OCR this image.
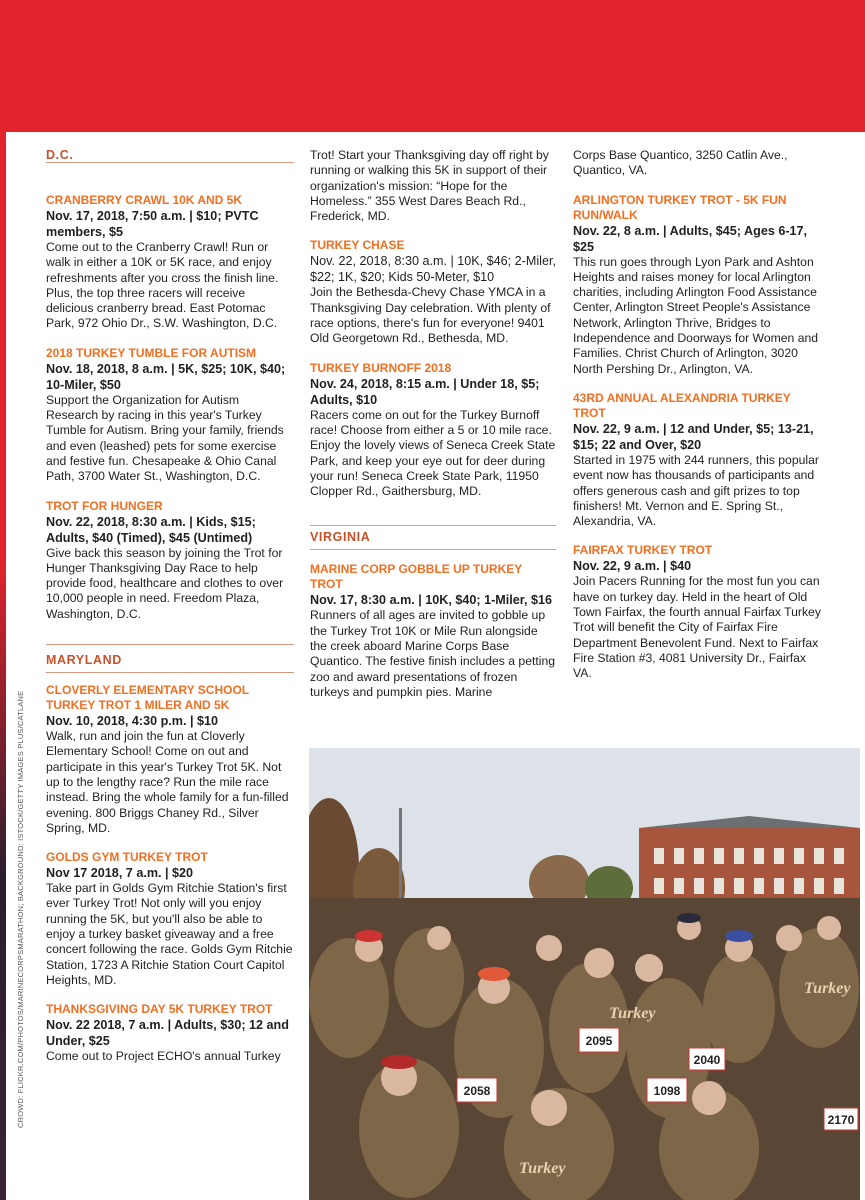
CROWD: FLICKR.COM/PHOTOS/MARINECORPSMARATHON; BACKGROUND: ISTOCK/GETTY IMAGES PLUS/CATLANE
D.C.

CRANBERRY CRAWL 10K AND 5K

Nov. 17, 2018, 7:50 a.m. | $10; PVTC members, $5

Come out to the Cranberry Crawl! Run or walk in either a 10K or 5K race, and enjoy refreshments after you cross the finish line. Plus, the top three racers will receive delicious cranberry bread. East Potomac Park, 972 Ohio Dr., S.W. Washington, D.C.

2018 TURKEY TUMBLE FOR AUTISM

Nov. 18, 2018, 8 a.m. | 5K, $25; 10K, $40; 10-Miler, $50

Support the Organization for Autism Research by racing in this year's Turkey Tumble for Autism. Bring your family, friends and even (leashed) pets for some exercise and festive fun. Chesapeake & Ohio Canal Path, 3700 Water St., Washington, D.C.

TROT FOR HUNGER

Nov. 22, 2018, 8:30 a.m. | Kids, $15; Adults, $40 (Timed), $45 (Untimed)

Give back this season by joining the Trot for Hunger Thanksgiving Day Race to help provide food, healthcare and clothes to over 10,000 people in need. Freedom Plaza, Washington, D.C.

MARYLAND

CLOVERLY ELEMENTARY SCHOOL TURKEY TROT 1 MILER AND 5K

Nov. 10, 2018, 4:30 p.m. | $10

Walk, run and join the fun at Cloverly Elementary School! Come on out and participate in this year's Turkey Trot 5K. Not up to the lengthy race? Run the mile race instead. Bring the whole family for a fun-filled evening. 800 Briggs Chaney Rd., Silver Spring, MD.

GOLDS GYM TURKEY TROT

Nov 17 2018, 7 a.m. | $20

Take part in Golds Gym Ritchie Station's first ever Turkey Trot! Not only will you enjoy running the 5K, but you'll also be able to enjoy a turkey basket giveaway and a free concert following the race. Golds Gym Ritchie Station, 1723 A Ritchie Station Court Capitol Heights, MD.

THANKSGIVING DAY 5K TURKEY TROT

Nov. 22 2018, 7 a.m. | Adults, $30; 12 and Under, $25

Come out to Project ECHO's annual Turkey

Trot! Start your Thanksgiving day off right by running or walking this 5K in support of their organization's mission: “Hope for the Homeless.” 355 West Dares Beach Rd., Frederick, MD.

TURKEY CHASE

Nov. 22, 2018, 8:30 a.m. | 10K, $46; 2-Miler, $22; 1K, $20; Kids 50-Meter, $10

Join the Bethesda-Chevy Chase YMCA in a Thanksgiving Day celebration. With plenty of race options, there's fun for everyone! 9401 Old Georgetown Rd., Bethesda, MD.

TURKEY BURNOFF 2018

Nov. 24, 2018, 8:15 a.m. | Under 18, $5; Adults, $10

Racers come on out for the Turkey Burnoff race! Choose from either a 5 or 10 mile race. Enjoy the lovely views of Seneca Creek State Park, and keep your eye out for deer during your run! Seneca Creek State Park, 11950 Clopper Rd., Gaithersburg, MD.

VIRGINIA

MARINE CORP GOBBLE UP TURKEY TROT

Nov. 17, 8:30 a.m. | 10K, $40; 1-Miler, $16

Runners of all ages are invited to gobble up the Turkey Trot 10K or Mile Run alongside the creek aboard Marine Corps Base Quantico. The festive finish includes a petting zoo and award presentations of frozen turkeys and pumpkin pies. Marine

Corps Base Quantico, 3250 Catlin Ave., Quantico, VA.

ARLINGTON TURKEY TROT - 5K FUN RUN/WALK

Nov. 22, 8 a.m. | Adults, $45; Ages 6-17, $25

This run goes through Lyon Park and Ashton Heights and raises money for local Arlington charities, including Arlington Food Assistance Center, Arlington Street People's Assistance Network, Arlington Thrive, Bridges to Independence and Doorways for Women and Families. Christ Church of Arlington, 3020 North Pershing Dr., Arlington, VA.

43RD ANNUAL ALEXANDRIA TURKEY TROT

Nov. 22, 9 a.m. | 12 and Under, $5; 13-21, $15; 22 and Over, $20

Started in 1975 with 244 runners, this popular event now has thousands of participants and offers generous cash and gift prizes to top finishers! Mt. Vernon and E. Spring St., Alexandria, VA.

FAIRFAX TURKEY TROT

Nov. 22, 9 a.m. | $40

Join Pacers Running for the most fun you can have on turkey day. Held in the heart of Old Town Fairfax, the fourth annual Fairfax Turkey Trot will benefit the City of Fairfax Fire Department Benevolent Fund. Next to Fairfax Fire Station #3, 4081 University Dr., Fairfax VA.

2095
2058	1098
2040
2170
Turkey
Turkey
Turkey
